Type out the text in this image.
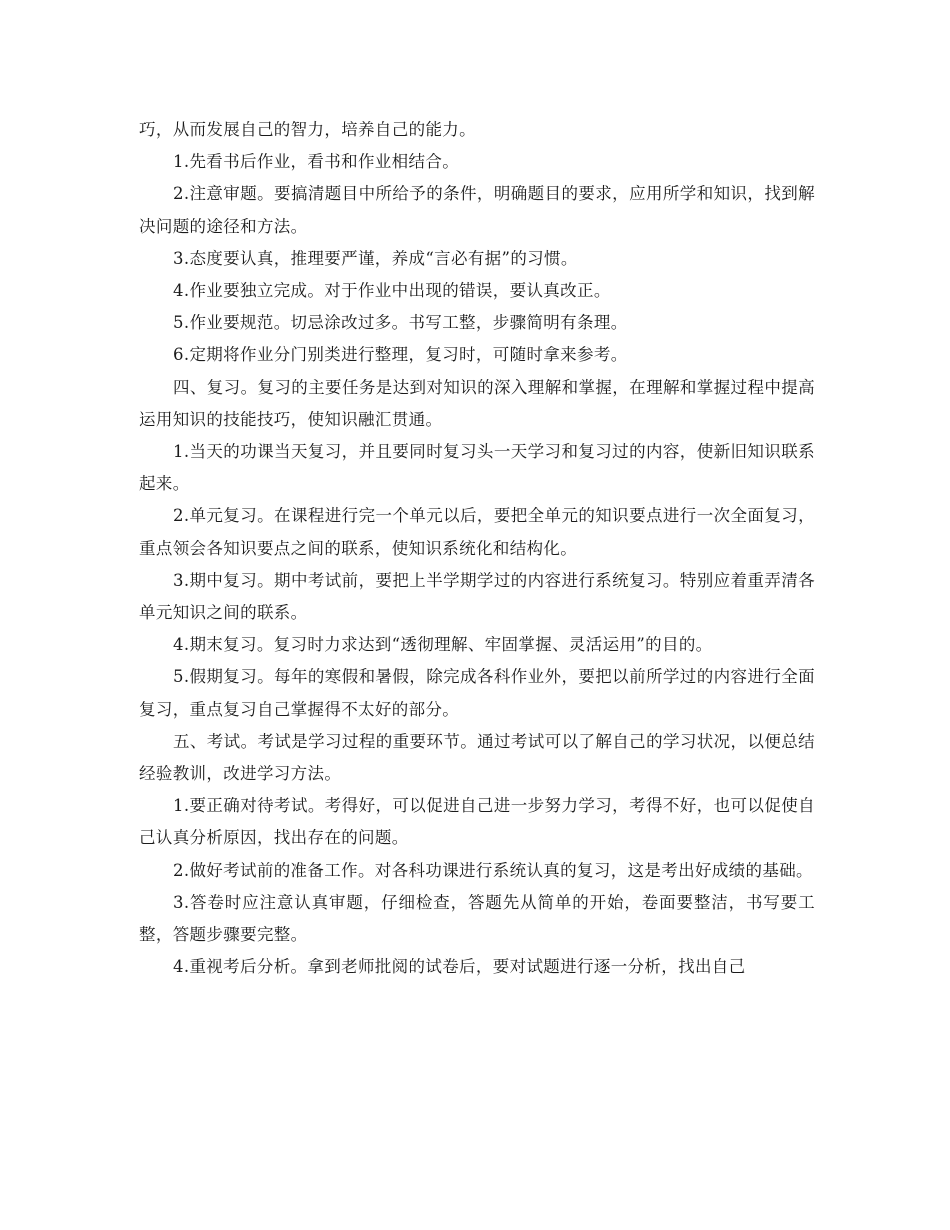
巧，从而发展自己的智力，培养自己的能力。

1.先看书后作业，看书和作业相结合。

2.注意审题。要搞清题目中所给予的条件，明确题目的要求，应用所学和知识，找到解决问题的途径和方法。

3.态度要认真，推理要严谨，养成“言必有据”的习惯。

4.作业要独立完成。对于作业中出现的错误，要认真改正。

5.作业要规范。切忌涂改过多。书写工整，步骤简明有条理。

6.定期将作业分门别类进行整理，复习时，可随时拿来参考。

四、复习。复习的主要任务是达到对知识的深入理解和掌握，在理解和掌握过程中提高运用知识的技能技巧，使知识融汇贯通。

1.当天的功课当天复习，并且要同时复习头一天学习和复习过的内容，使新旧知识联系起来。

2.单元复习。在课程进行完一个单元以后，要把全单元的知识要点进行一次全面复习，重点领会各知识要点之间的联系，使知识系统化和结构化。

3.期中复习。期中考试前，要把上半学期学过的内容进行系统复习。特别应着重弄清各单元知识之间的联系。

4.期末复习。复习时力求达到“透彻理解、牢固掌握、灵活运用”的目的。

5.假期复习。每年的寒假和暑假，除完成各科作业外，要把以前所学过的内容进行全面复习，重点复习自己掌握得不太好的部分。

五、考试。考试是学习过程的重要环节。通过考试可以了解自己的学习状况，以便总结经验教训，改进学习方法。

1.要正确对待考试。考得好，可以促进自己进一步努力学习，考得不好，也可以促使自己认真分析原因，找出存在的问题。

2.做好考试前的准备工作。对各科功课进行系统认真的复习，这是考出好成绩的基础。

3.答卷时应注意认真审题，仔细检查，答题先从简单的开始，卷面要整洁，书写要工整，答题步骤要完整。

4.重视考后分析。拿到老师批阅的试卷后，要对试题进行逐一分析，找出自己
